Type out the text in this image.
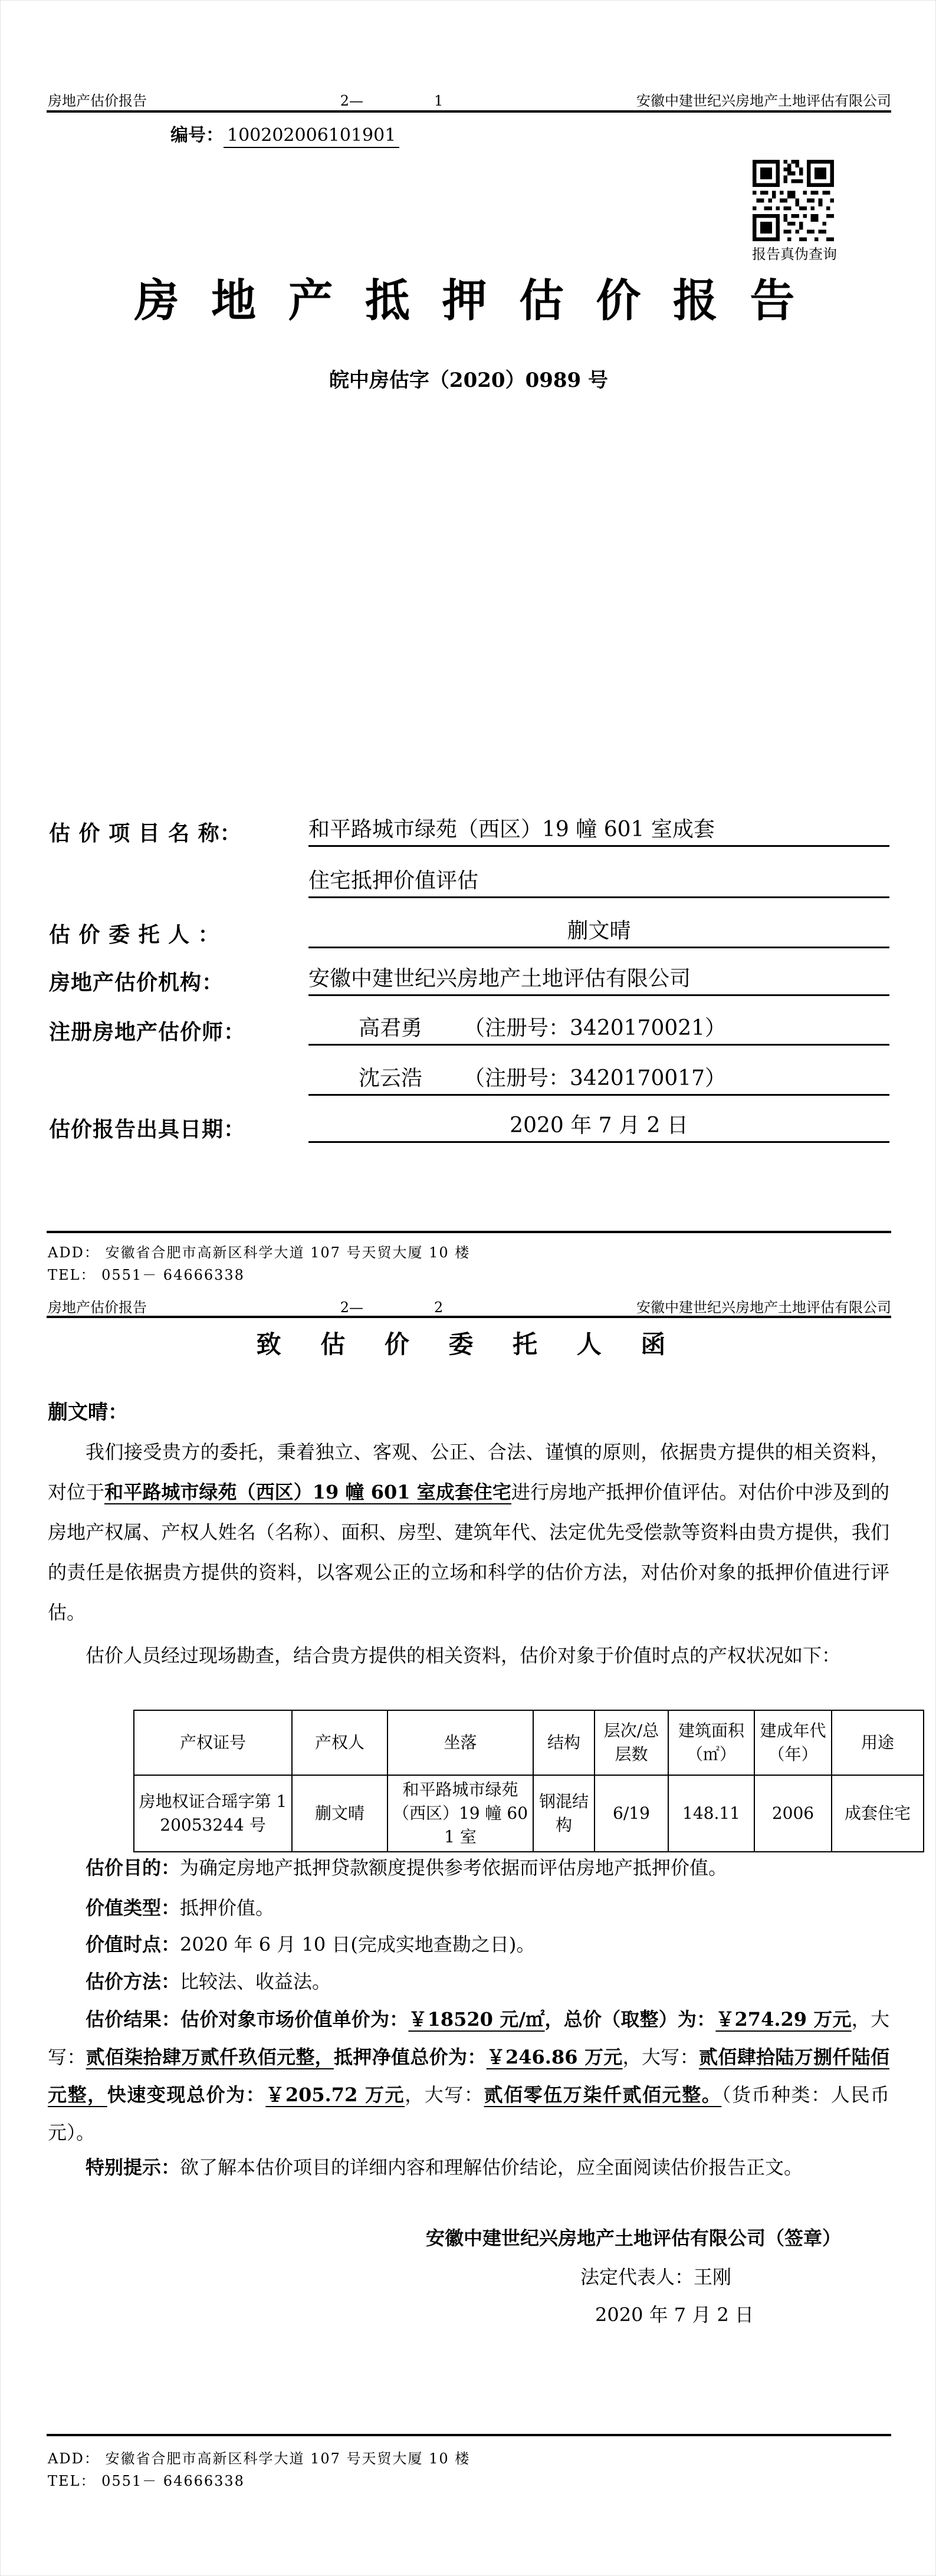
房地产估价报告	2—	1	安徽中建世纪兴房地产土地评估有限公司
编号： 100202006101901
报告真伪查询
房 地 产 抵 押 估 价 报 告
皖中房估字（2020）0989 号
估 价 项 目 名 称：	和平路城市绿苑（西区）19 幢 601 室成套
住宅抵押价值评估
估 价 委 托 人 ：	蒯文晴
房地产估价机构：	安徽中建世纪兴房地产土地评估有限公司
注册房地产估价师：	高君勇 （注册号：3420170021）
沈云浩 （注册号：3420170017）
估价报告出具日期：	2020 年 7 月 2 日
ADD： 安徽省合肥市高新区科学大道 107 号天贸大厦 10 楼
TEL： 0551－ 64666338
房地产估价报告	2—	2	安徽中建世纪兴房地产土地评估有限公司
致 估 价 委 托 人 函
蒯文晴：
我们接受贵方的委托，秉着独立、客观、公正、合法、谨慎的原则，依据贵方提供的相关资料，对位于和平路城市绿苑（西区）19 幢 601 室成套住宅进行房地产抵押价值评估。对估价中涉及到的房地产权属、产权人姓名（名称）、面积、房型、建筑年代、法定优先受偿款等资料由贵方提供，我们的责任是依据贵方提供的资料，以客观公正的立场和科学的估价方法，对估价对象的抵押价值进行评估。
估价人员经过现场勘查，结合贵方提供的相关资料，估价对象于价值时点的产权状况如下：
产权证号	产权人	坐落	结构	层次/总层数	建筑面积（㎡）	建成年代（年）	用途
房地权证合瑶字第 120053244 号	蒯文晴	和平路城市绿苑（西区）19 幢 601 室	钢混结构	6/19	148.11	2006	成套住宅
估价目的：为确定房地产抵押贷款额度提供参考依据而评估房地产抵押价值。
价值类型：抵押价值。
价值时点：2020 年 6 月 10 日(完成实地查勘之日)。
估价方法：比较法、收益法。
估价结果：估价对象市场价值单价为：￥18520 元/㎡，总价（取整）为：￥274.29 万元，大写：贰佰柒拾肆万贰仟玖佰元整，抵押净值总价为：￥246.86 万元，大写：贰佰肆拾陆万捌仟陆佰元整，快速变现总价为：￥205.72 万元，大写：贰佰零伍万柒仟贰佰元整。（货币种类：人民币元）。
特别提示：欲了解本估价项目的详细内容和理解估价结论，应全面阅读估价报告正文。
安徽中建世纪兴房地产土地评估有限公司（签章）
法定代表人：王刚
2020 年 7 月 2 日
ADD： 安徽省合肥市高新区科学大道 107 号天贸大厦 10 楼
TEL： 0551－ 64666338
